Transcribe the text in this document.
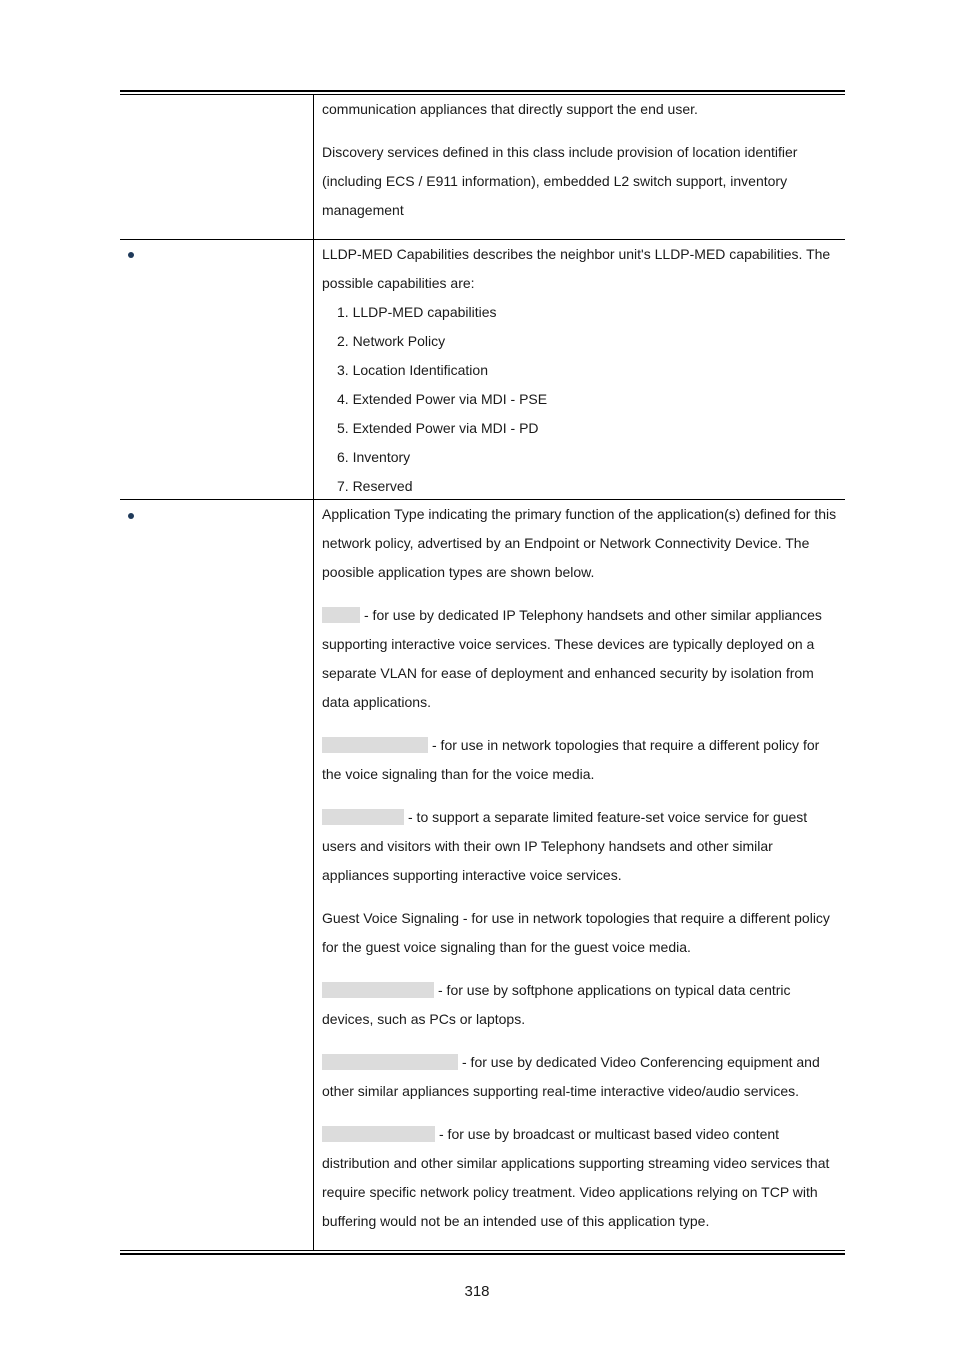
communication appliances that directly support the end user.

Discovery services defined in this class include provision of location identifier (including ECS / E911 information), embedded L2 switch support, inventory management

LLDP-MED Capabilities describes the neighbor unit's LLDP-MED capabilities. The possible capabilities are:

1. LLDP-MED capabilities

2. Network Policy

3. Location Identification

4. Extended Power via MDI - PSE

5. Extended Power via MDI - PD

6. Inventory

7. Reserved

Application Type indicating the primary function of the application(s) defined for this network policy, advertised by an Endpoint or Network Connectivity Device. The poosible application types are shown below.

- for use by dedicated IP Telephony handsets and other similar appliances supporting interactive voice services. These devices are typically deployed on a separate VLAN for ease of deployment and enhanced security by isolation from data applications.

- for use in network topologies that require a different policy for the voice signaling than for the voice media.

- to support a separate limited feature-set voice service for guest users and visitors with their own IP Telephony handsets and other similar appliances supporting interactive voice services.

Guest Voice Signaling - for use in network topologies that require a different policy for the guest voice signaling than for the guest voice media.

- for use by softphone applications on typical data centric devices, such as PCs or laptops.

- for use by dedicated Video Conferencing equipment and other similar appliances supporting real-time interactive video/audio services.

- for use by broadcast or multicast based video content distribution and other similar applications supporting streaming video services that require specific network policy treatment. Video applications relying on TCP with buffering would not be an intended use of this application type.

318
